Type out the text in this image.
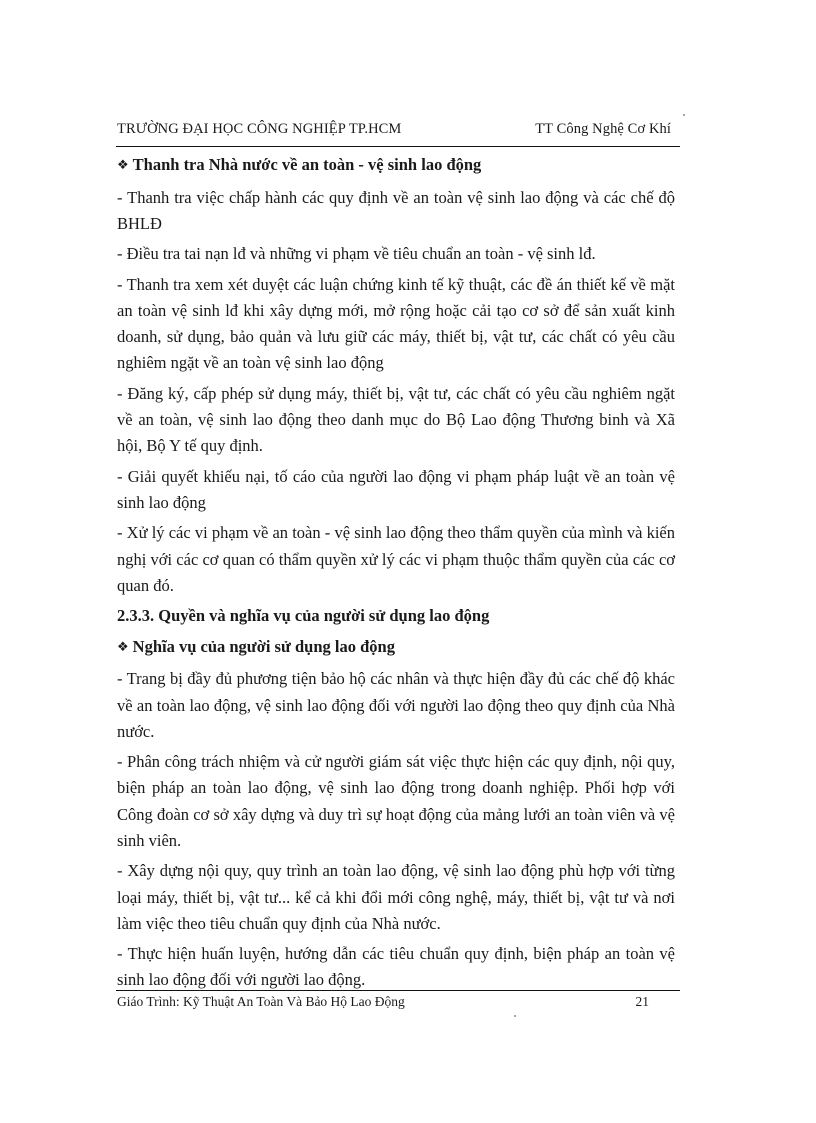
TRƯỜNG ĐẠI HỌC CÔNG NGHIỆP TP.HCM	TT Công Nghệ Cơ Khí

❖ Thanh tra Nhà nước về an toàn - vệ sinh lao động

- Thanh tra việc chấp hành các quy định về an toàn vệ sinh lao động và các chế độ BHLĐ

- Điều tra tai nạn lđ và những vi phạm về tiêu chuẩn an toàn - vệ sinh lđ.

- Thanh tra xem xét duyệt các luận chứng kinh tế kỹ thuật, các đề án thiết kế về mặt an toàn vệ sinh lđ khi xây dựng mới, mở rộng hoặc cải tạo cơ sở để sản xuất kinh doanh, sử dụng, bảo quản và lưu giữ các máy, thiết bị, vật tư, các chất có yêu cầu nghiêm ngặt về an toàn vệ sinh lao động

- Đăng ký, cấp phép sử dụng máy, thiết bị, vật tư, các chất có yêu cầu nghiêm ngặt về an toàn, vệ sinh lao động theo danh mục do Bộ Lao động Thương binh và Xã hội, Bộ Y tế quy định.

- Giải quyết khiếu nại, tố cáo của người lao động vi phạm pháp luật về an toàn vệ sinh lao động

- Xử lý các vi phạm về an toàn - vệ sinh lao động theo thẩm quyền của mình và kiến nghị với các cơ quan có thẩm quyền xử lý các vi phạm thuộc thẩm quyền của các cơ quan đó.

2.3.3. Quyền và nghĩa vụ của người sử dụng lao động

❖ Nghĩa vụ của người sử dụng lao động

- Trang bị đầy đủ phương tiện bảo hộ các nhân và thực hiện đầy đủ các chế độ khác về an toàn lao động, vệ sinh lao động đối với người lao động theo quy định của Nhà nước.

- Phân công trách nhiệm và cử người giám sát việc thực hiện các quy định, nội quy, biện pháp an toàn lao động, vệ sinh lao động trong doanh nghiệp. Phối hợp với Công đoàn cơ sở xây dựng và duy trì sự hoạt động của mảng lưới an toàn viên và vệ sinh viên.

- Xây dựng nội quy, quy trình an toàn lao động, vệ sinh lao động phù hợp với từng loại máy, thiết bị, vật tư... kể cả khi đổi mới công nghệ, máy, thiết bị, vật tư và nơi làm việc theo tiêu chuẩn quy định của Nhà nước.

- Thực hiện huấn luyện, hướng dẫn các tiêu chuẩn quy định, biện pháp an toàn vệ sinh lao động đối với người lao động.

Giáo Trình: Kỹ Thuật An Toàn Và Bảo Hộ Lao Động	21
